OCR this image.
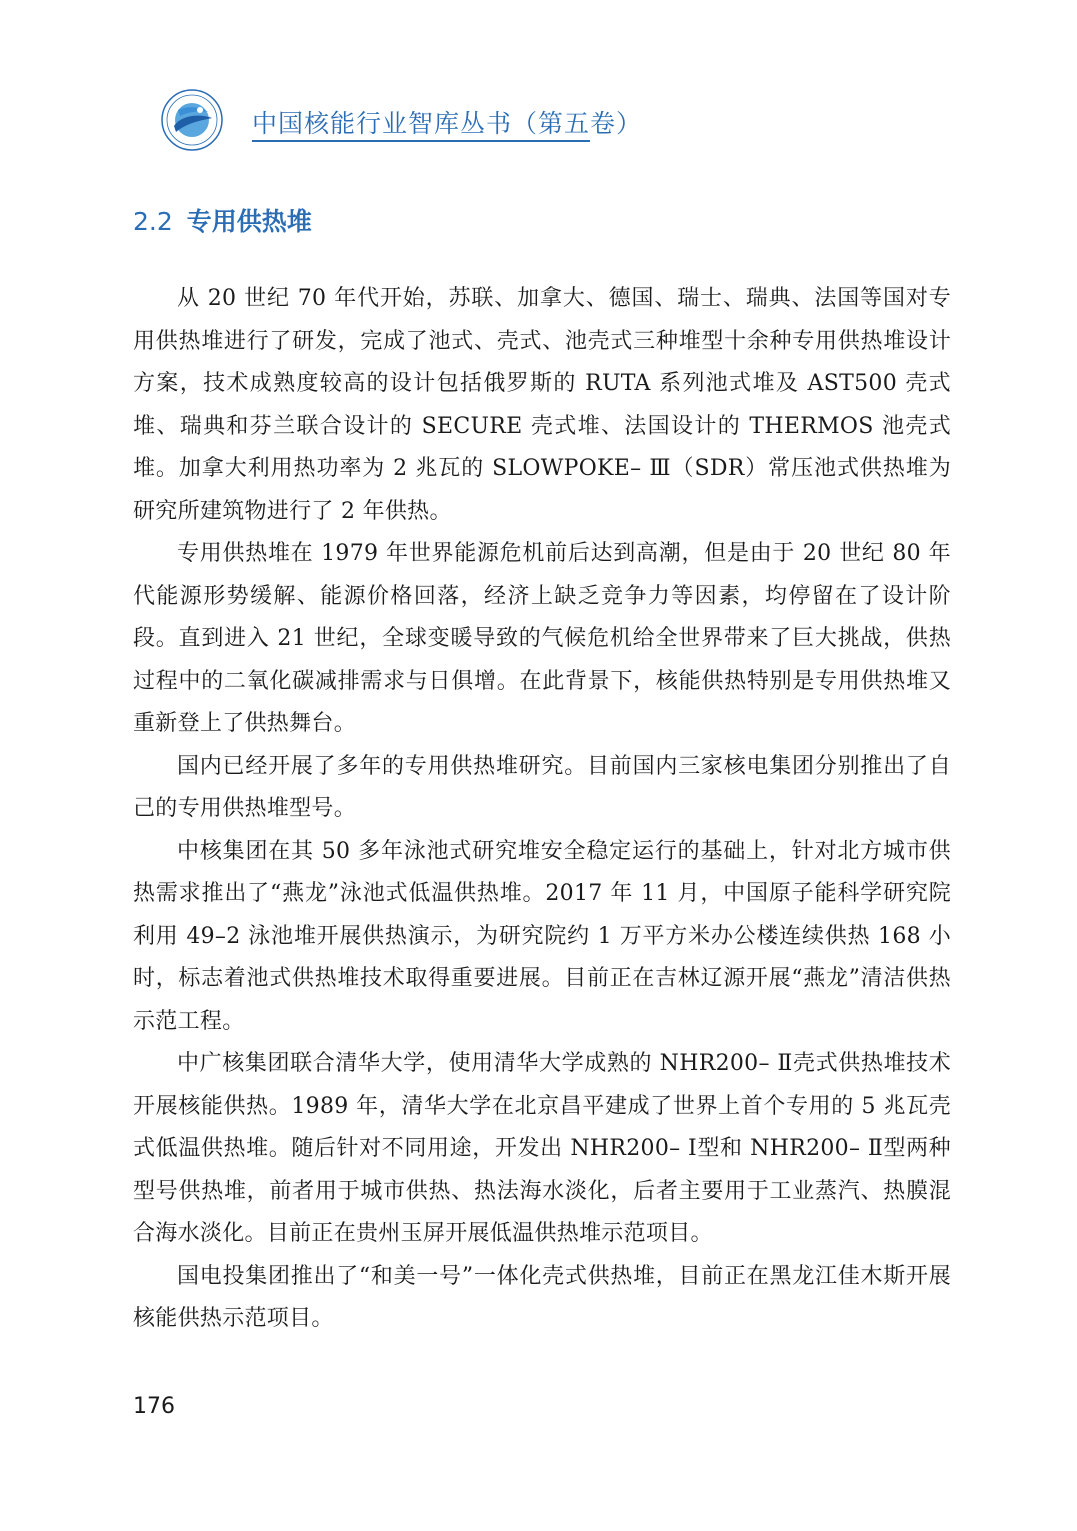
中国核能行业智库丛书（第五卷）
2.2 专用供热堆

从 20 世纪 70 年代开始，苏联、加拿大、德国、瑞士、瑞典、法国等国对专用供热堆进行了研发，完成了池式、壳式、池壳式三种堆型十余种专用供热堆设计方案，技术成熟度较高的设计包括俄罗斯的 RUTA 系列池式堆及 AST500 壳式堆、瑞典和芬兰联合设计的 SECURE 壳式堆、法国设计的 THERMOS 池壳式堆。加拿大利用热功率为 2 兆瓦的 SLOWPOKE– Ⅲ（SDR）常压池式供热堆为研究所建筑物进行了 2 年供热。

专用供热堆在 1979 年世界能源危机前后达到高潮，但是由于 20 世纪 80 年代能源形势缓解、能源价格回落，经济上缺乏竞争力等因素，均停留在了设计阶段。直到进入 21 世纪，全球变暖导致的气候危机给全世界带来了巨大挑战，供热过程中的二氧化碳减排需求与日俱增。在此背景下，核能供热特别是专用供热堆又重新登上了供热舞台。

国内已经开展了多年的专用供热堆研究。目前国内三家核电集团分别推出了自己的专用供热堆型号。

中核集团在其 50 多年泳池式研究堆安全稳定运行的基础上，针对北方城市供热需求推出了“燕龙”泳池式低温供热堆。2017 年 11 月，中国原子能科学研究院利用 49–2 泳池堆开展供热演示，为研究院约 1 万平方米办公楼连续供热 168 小时，标志着池式供热堆技术取得重要进展。目前正在吉林辽源开展“燕龙”清洁供热示范工程。

中广核集团联合清华大学，使用清华大学成熟的 NHR200– Ⅱ壳式供热堆技术开展核能供热。1989 年，清华大学在北京昌平建成了世界上首个专用的 5 兆瓦壳式低温供热堆。随后针对不同用途，开发出 NHR200– Ⅰ型和 NHR200– Ⅱ型两种型号供热堆，前者用于城市供热、热法海水淡化，后者主要用于工业蒸汽、热膜混合海水淡化。目前正在贵州玉屏开展低温供热堆示范项目。

国电投集团推出了“和美一号”一体化壳式供热堆，目前正在黑龙江佳木斯开展核能供热示范项目。

176
